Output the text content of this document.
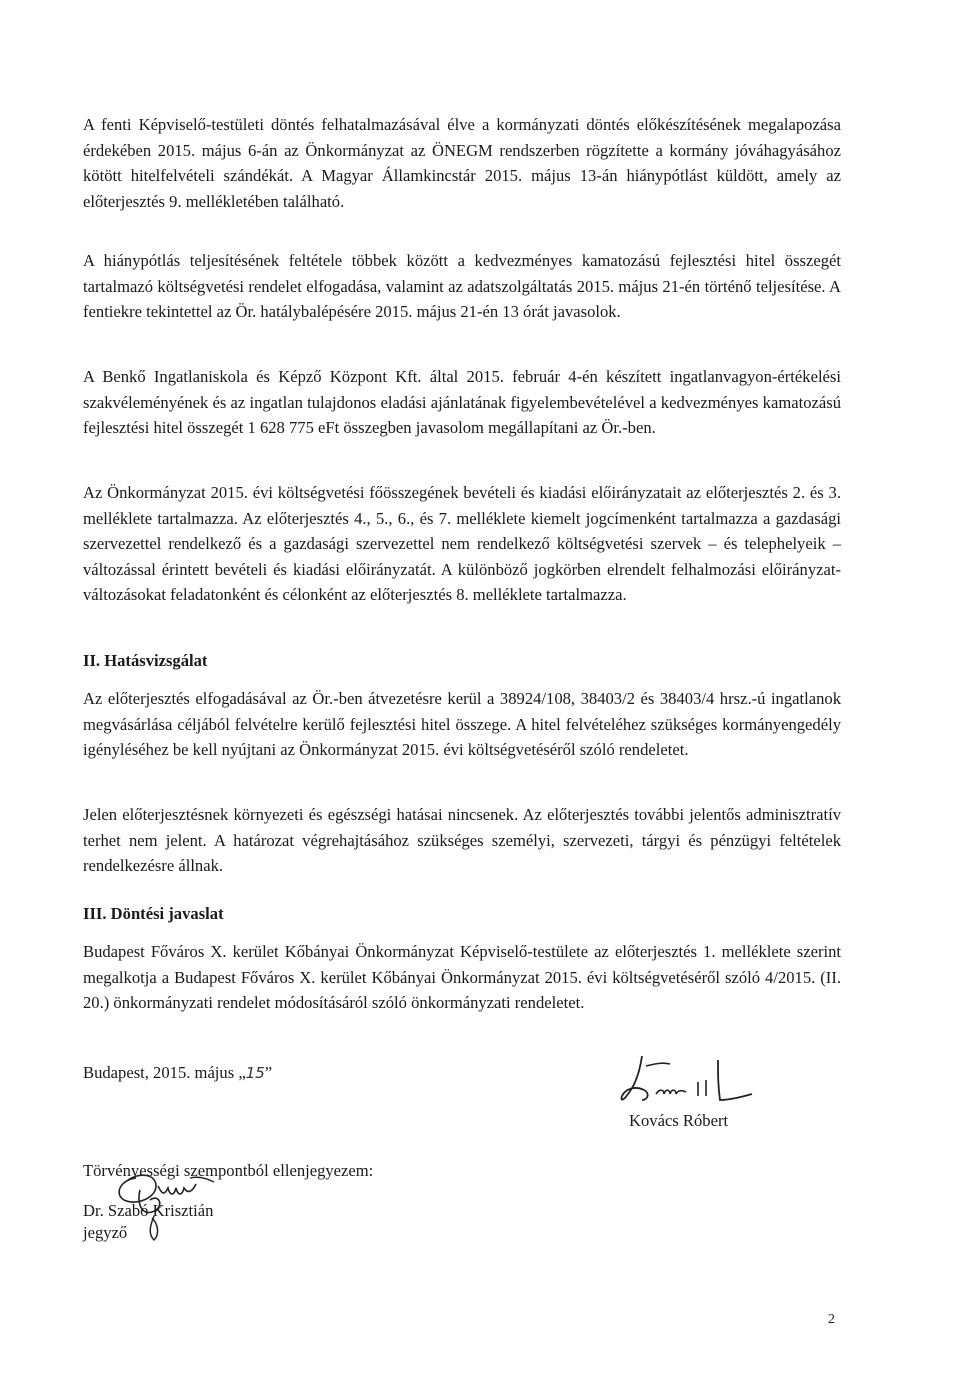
A fenti Képviselő-testületi döntés felhatalmazásával élve a kormányzati döntés előkészítésének megalapozása érdekében 2015. május 6-án az Önkormányzat az ÖNEGM rendszerben rögzítette a kormány jóváhagyásához kötött hitelfelvételi szándékát. A Magyar Államkincstár 2015. május 13-án hiánypótlást küldött, amely az előterjesztés 9. mellékletében található.

A hiánypótlás teljesítésének feltétele többek között a kedvezményes kamatozású fejlesztési hitel összegét tartalmazó költségvetési rendelet elfogadása, valamint az adatszolgáltatás 2015. május 21-én történő teljesítése. A fentiekre tekintettel az Ör. hatálybalépésére 2015. május 21-én 13 órát javasolok.

A Benkő Ingatlaniskola és Képző Központ Kft. által 2015. február 4-én készített ingatlanvagyon-értékelési szakvéleményének és az ingatlan tulajdonos eladási ajánlatának figyelembevételével a kedvezményes kamatozású fejlesztési hitel összegét 1 628 775 eFt összegben javasolom megállapítani az Ör.-ben.

Az Önkormányzat 2015. évi költségvetési főösszegének bevételi és kiadási előirányzatait az előterjesztés 2. és 3. melléklete tartalmazza. Az előterjesztés 4., 5., 6., és 7. melléklete kiemelt jogcímenként tartalmazza a gazdasági szervezettel rendelkező és a gazdasági szervezettel nem rendelkező költségvetési szervek – és telephelyeik – változással érintett bevételi és kiadási előirányzatát. A különböző jogkörben elrendelt felhalmozási előirányzat-változásokat feladatonként és célonként az előterjesztés 8. melléklete tartalmazza.

II. Hatásvizsgálat

Az előterjesztés elfogadásával az Ör.-ben átvezetésre kerül a 38924/108, 38403/2 és 38403/4 hrsz.-ú ingatlanok megvásárlása céljából felvételre kerülő fejlesztési hitel összege. A hitel felvételéhez szükséges kormányengedély igényléséhez be kell nyújtani az Önkormányzat 2015. évi költségvetéséről szóló rendeletet.

Jelen előterjesztésnek környezeti és egészségi hatásai nincsenek. Az előterjesztés további jelentős adminisztratív terhet nem jelent. A határozat végrehajtásához szükséges személyi, szervezeti, tárgyi és pénzügyi feltételek rendelkezésre állnak.

III. Döntési javaslat

Budapest Főváros X. kerület Kőbányai Önkormányzat Képviselő-testülete az előterjesztés 1. melléklete szerint megalkotja a Budapest Főváros X. kerület Kőbányai Önkormányzat 2015. évi költségvetéséről szóló 4/2015. (II. 20.) önkormányzati rendelet módosításáról szóló önkormányzati rendeletet.

Budapest, 2015. május „15”
Kovács Róbert
Törvényességi szempontból ellenjegyezem:
Dr. Szabó Krisztián
jegyző
2
